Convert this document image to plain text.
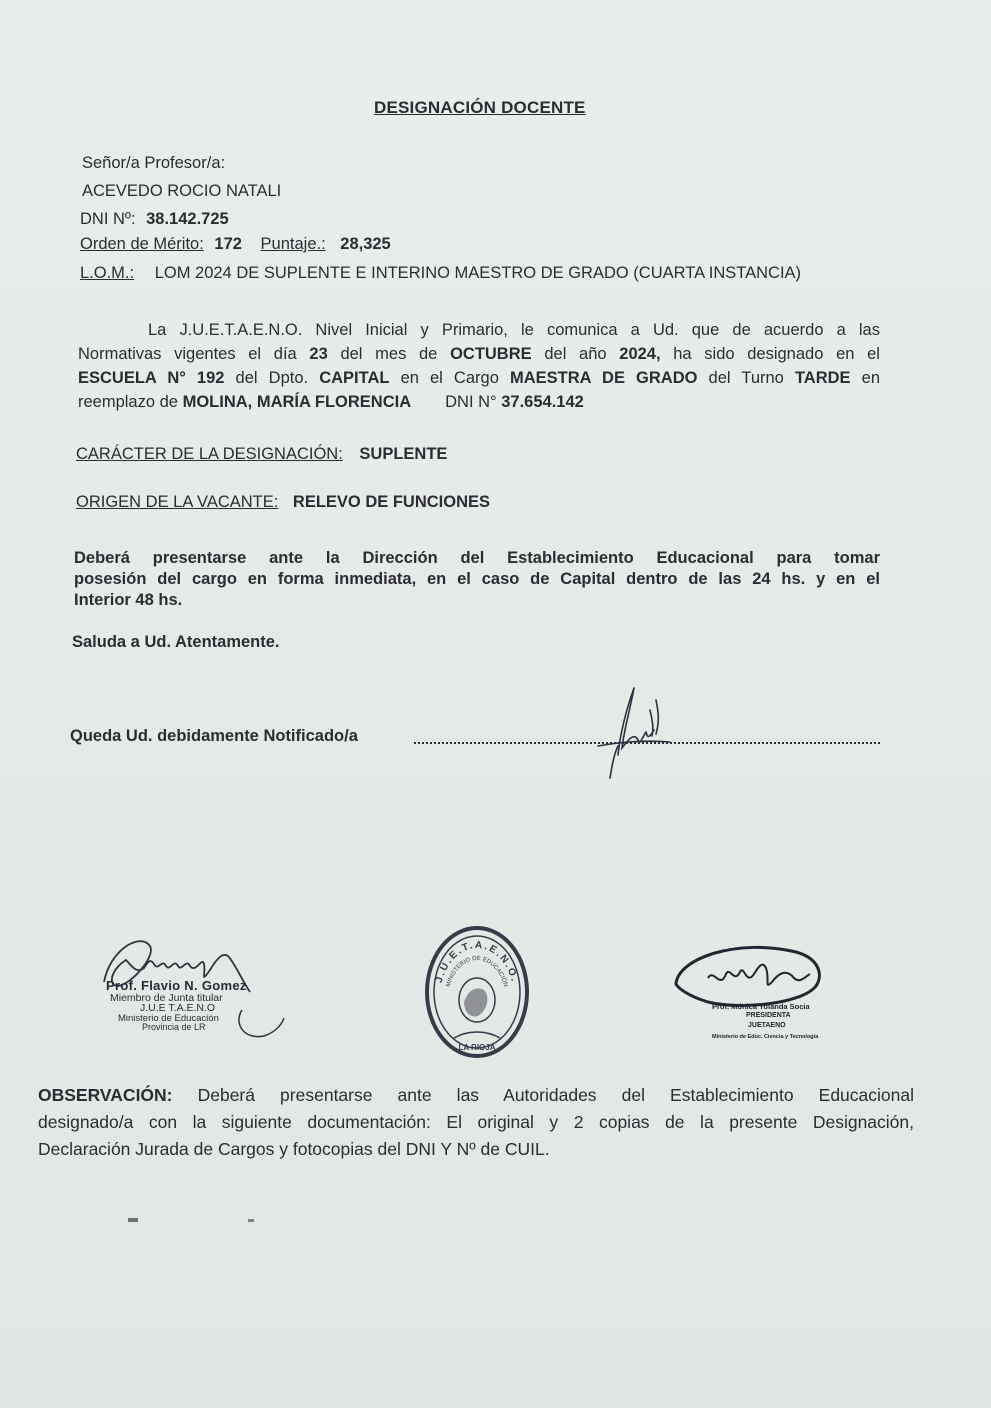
DESIGNACIÓN DOCENTE
Señor/a Profesor/a:
ACEVEDO ROCIO NATALI
DNI Nº: 38.142.725
Orden de Mérito: 172 Puntaje.: 28,325
L.O.M.: LOM 2024 DE SUPLENTE E INTERINO MAESTRO DE GRADO (CUARTA INSTANCIA)
La J.U.E.T.A.E.N.O. Nivel Inicial y Primario, le comunica a Ud. que de acuerdo a las
Normativas vigentes el día 23 del mes de OCTUBRE del año 2024, ha sido designado en el
ESCUELA N° 192 del Dpto. CAPITAL en el Cargo MAESTRA DE GRADO del Turno TARDE en
reemplazo de MOLINA, MARÍA FLORENCIA DNI N° 37.654.142
CARÁCTER DE LA DESIGNACIÓN: SUPLENTE
ORIGEN DE LA VACANTE: RELEVO DE FUNCIONES
Deberá presentarse ante la Dirección del Establecimiento Educacional para tomar
posesión del cargo en forma inmediata, en el caso de Capital dentro de las 24 hs. y en el
Interior 48 hs.
Saluda a Ud. Atentamente.
Queda Ud. debidamente Notificado/a
Prof. Flavio N. Gomez
Miembro de Junta titular
J.U.E T.A.E.N.O
Ministerio de Educación
Provincia de LR
J.U.E.T.A.E.N.O.
MINISTERIO DE EDUCACIÓN
LA RIOJA
Prof. Mónica Yolanda Socia
PRESIDENTA
JUETAENO
Ministerio de Educ. Ciencia y Tecnología
OBSERVACIÓN: Deberá presentarse ante las Autoridades del Establecimiento Educacional
designado/a con la siguiente documentación: El original y 2 copias de la presente Designación,
Declaración Jurada de Cargos y fotocopias del DNI Y Nº de CUIL.
